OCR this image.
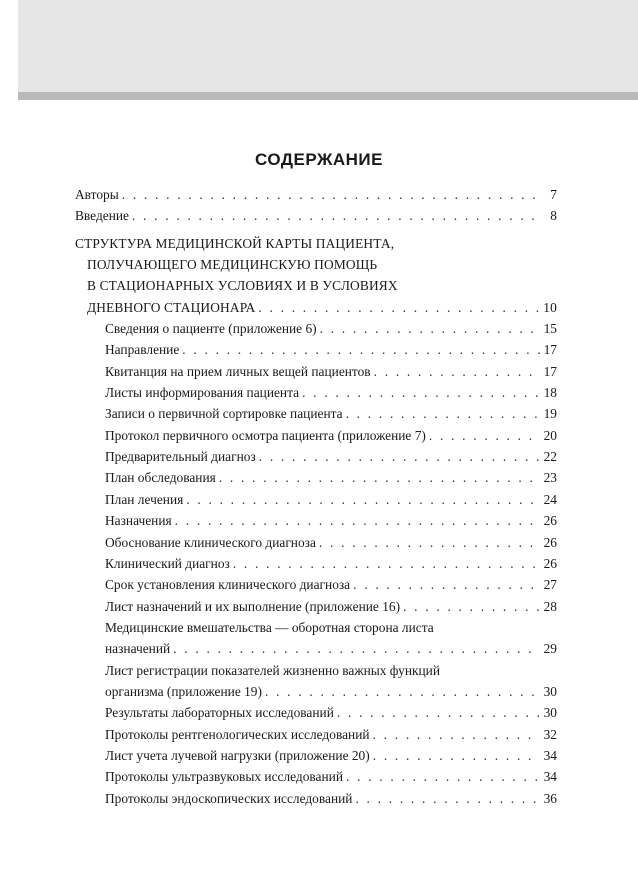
СОДЕРЖАНИЕ
Авторы . . .	7
Введение . . .	8
СТРУКТУРА МЕДИЦИНСКОЙ КАРТЫ ПАЦИЕНТА,
ПОЛУЧАЮЩЕГО МЕДИЦИНСКУЮ ПОМОЩЬ
В СТАЦИОНАРНЫХ УСЛОВИЯХ И В УСЛОВИЯХ
ДНЕВНОГО СТАЦИОНАРА . . .	10
Сведения о пациенте (приложение 6) . . .	15
Направление . . .	17
Квитанция на прием личных вещей пациентов . . .	17
Листы информирования пациента . . .	18
Записи о первичной сортировке пациента . . .	19
Протокол первичного осмотра пациента (приложение 7) . . .	20
Предварительный диагноз . . .	22
План обследования . . .	23
План лечения . . .	24
Назначения . . .	26
Обоснование клинического диагноза . . .	26
Клинический диагноз . . .	26
Срок установления клинического диагноза . . .	27
Лист назначений и их выполнение (приложение 16) . . .	28
Медицинские вмешательства — оборотная сторона листа
назначений . . .	29
Лист регистрации показателей жизненно важных функций
организма (приложение 19) . . .	30
Результаты лабораторных исследований . . .	30
Протоколы рентгенологических исследований . . .	32
Лист учета лучевой нагрузки (приложение 20) . . .	34
Протоколы ультразвуковых исследований . . .	34
Протоколы эндоскопических исследований . . .	36
